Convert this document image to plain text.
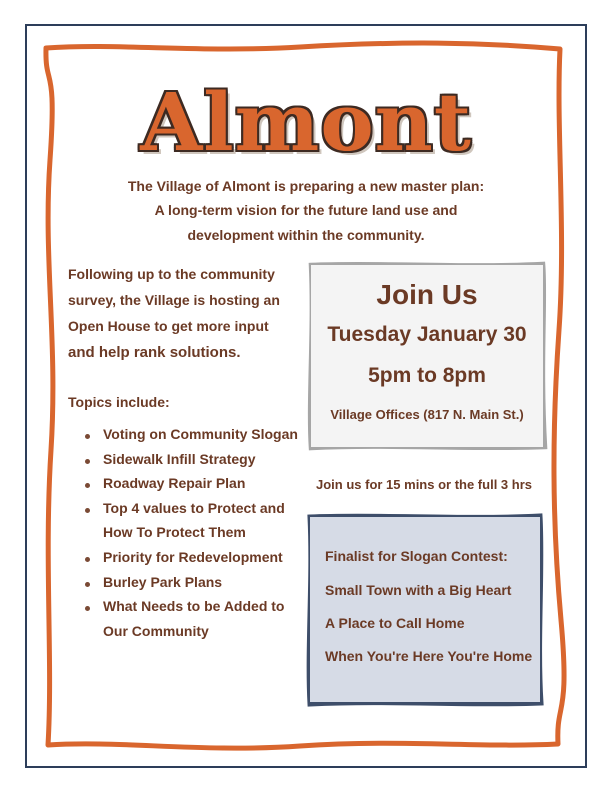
Almont
The Village of Almont is preparing a new master plan:
A long-term vision for the future land use and
development within the community.
Following up to the community
survey, the Village is hosting an
Open House to get more input
and help rank solutions.
Topics include:
Voting on Community Slogan
Sidewalk Infill Strategy
Roadway Repair Plan
Top 4 values to Protect and
How To Protect Them
Priority for Redevelopment
Burley Park Plans
What Needs to be Added to
Our Community
Join Us
Tuesday January 30
5pm to 8pm
Village Offices (817 N. Main St.)
Join us for 15 mins or the full 3 hrs
Finalist for Slogan Contest:
Small Town with a Big Heart
A Place to Call Home
When You're Here You're Home
